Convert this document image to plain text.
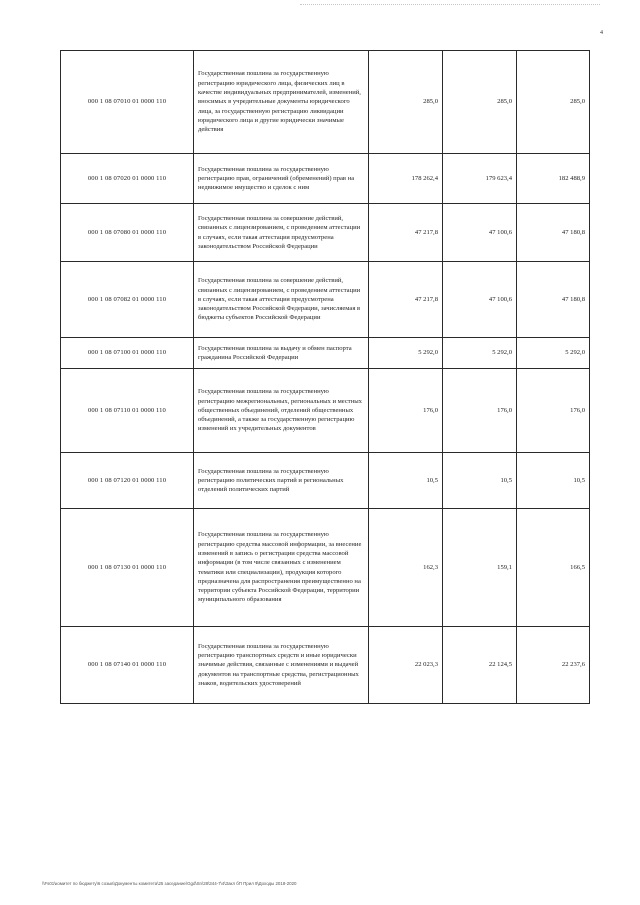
4
000 1 08 07010 01 0000 110	Государственная пошлина за государственную регистрацию юридического лица, физических лиц в качестве индивидуальных предпринимателей, изменений, вносимых в учредительные документы юридического лица, за государственную регистрацию ликвидации юридического лица и другие юридически значимые действия	285,0	285,0	285,0
000 1 08 07020 01 0000 110	Государственная пошлина за государственную регистрацию прав, ограничений (обременений) прав на недвижимое имущество и сделок с ним	178 262,4	179 623,4	182 488,9
000 1 08 07080 01 0000 110	Государственная пошлина за совершение действий, связанных с лицензированием, с проведением аттестации в случаях, если такая аттестация предусмотрена законодательством Российской Федерации	47 217,8	47 100,6	47 180,8
000 1 08 07082 01 0000 110	Государственная пошлина за совершение действий, связанных с лицензированием, с проведением аттестации в случаях, если такая аттестация предусмотрена законодательством Российской Федерации, зачисляемая в бюджеты субъектов Российской Федерации	47 217,8	47 100,6	47 180,8
000 1 08 07100 01 0000 110	Государственная пошлина за выдачу и обмен паспорта гражданина Российской Федерации	5 292,0	5 292,0	5 292,0
000 1 08 07110 01 0000 110	Государственная пошлина за государственную регистрацию межрегиональных, региональных и местных общественных объединений, отделений общественных объединений, а также за государственную регистрацию изменений их учредительных документов	176,0	176,0	176,0
000 1 08 07120 01 0000 110	Государственная пошлина за государственную регистрацию политических партий и региональных отделений политических партий	10,5	10,5	10,5
000 1 08 07130 01 0000 110	Государственная пошлина за государственную регистрацию средства массовой информации, за внесение изменений в запись о регистрации средства массовой информации (в том числе связанных с изменением тематики или специализации), продукция которого предназначена для распространения преимущественно на территории субъекта Российской Федерации, территории муниципального образования	162,3	159,1	166,5
000 1 08 07140 01 0000 110	Государственная пошлина за государственную регистрацию транспортных средств и иные юридически значимые действия, связанные с изменениями и выдачей документов на транспортные средства, регистрационных знаков, водительских удостоверений	22 023,3	22 124,5	22 237,6
\\Fs01\комитет по бюджету\6 созыв\Документы комитета\25 заседание\Ggd\Sn\28\344-7\4\Закл бП Прил 9\Доходы 2018-2020
